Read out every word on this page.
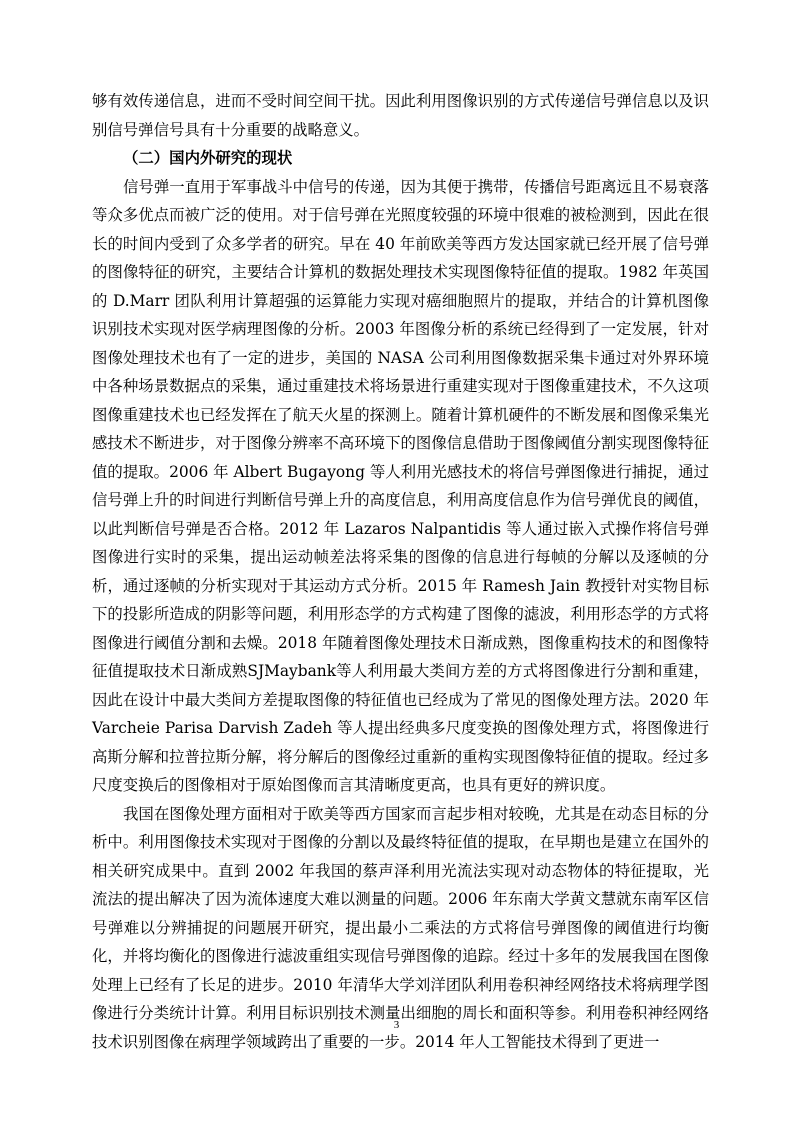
够有效传递信息，进而不受时间空间干扰。因此利用图像识别的方式传递信号弹信息以及识别信号弹信号具有十分重要的战略意义。

（二）国内外研究的现状

信号弹一直用于军事战斗中信号的传递，因为其便于携带，传播信号距离远且不易衰落等众多优点而被广泛的使用。对于信号弹在光照度较强的环境中很难的被检测到，因此在很长的时间内受到了众多学者的研究。早在 40 年前欧美等西方发达国家就已经开展了信号弹的图像特征的研究，主要结合计算机的数据处理技术实现图像特征值的提取。1982 年英国的 D.Marr 团队利用计算超强的运算能力实现对癌细胞照片的提取，并结合的计算机图像识别技术实现对医学病理图像的分析。2003 年图像分析的系统已经得到了一定发展，针对图像处理技术也有了一定的进步，美国的 NASA 公司利用图像数据采集卡通过对外界环境中各种场景数据点的采集，通过重建技术将场景进行重建实现对于图像重建技术，不久这项图像重建技术也已经发挥在了航天火星的探测上。随着计算机硬件的不断发展和图像采集光感技术不断进步，对于图像分辨率不高环境下的图像信息借助于图像阈值分割实现图像特征值的提取。2006 年 Albert Bugayong 等人利用光感技术的将信号弹图像进行捕捉，通过信号弹上升的时间进行判断信号弹上升的高度信息，利用高度信息作为信号弹优良的阈值，以此判断信号弹是否合格。2012 年 Lazaros Nalpantidis 等人通过嵌入式操作将信号弹图像进行实时的采集，提出运动帧差法将采集的图像的信息进行每帧的分解以及逐帧的分析，通过逐帧的分析实现对于其运动方式分析。2015 年 Ramesh Jain 教授针对实物目标下的投影所造成的阴影等问题，利用形态学的方式构建了图像的滤波，利用形态学的方式将图像进行阈值分割和去燥。2018 年随着图像处理技术日渐成熟，图像重构技术的和图像特征值提取技术日渐成熟SJMaybank等人利用最大类间方差的方式将图像进行分割和重建，因此在设计中最大类间方差提取图像的特征值也已经成为了常见的图像处理方法。2020 年 Varcheie Parisa Darvish Zadeh 等人提出经典多尺度变换的图像处理方式，将图像进行高斯分解和拉普拉斯分解，将分解后的图像经过重新的重构实现图像特征值的提取。经过多尺度变换后的图像相对于原始图像而言其清晰度更高，也具有更好的辨识度。

我国在图像处理方面相对于欧美等西方国家而言起步相对较晚，尤其是在动态目标的分析中。利用图像技术实现对于图像的分割以及最终特征值的提取，在早期也是建立在国外的相关研究成果中。直到 2002 年我国的蔡声泽利用光流法实现对动态物体的特征提取，光流法的提出解决了因为流体速度大难以测量的问题。2006 年东南大学黄文慧就东南军区信号弹难以分辨捕捉的问题展开研究，提出最小二乘法的方式将信号弹图像的阈值进行均衡化，并将均衡化的图像进行滤波重组实现信号弹图像的追踪。经过十多年的发展我国在图像处理上已经有了长足的进步。2010 年清华大学刘洋团队利用卷积神经网络技术将病理学图像进行分类统计计算。利用目标识别技术测量出细胞的周长和面积等参。利用卷积神经网络技术识别图像在病理学领域跨出了重要的一步。2014 年人工智能技术得到了更进一

3
